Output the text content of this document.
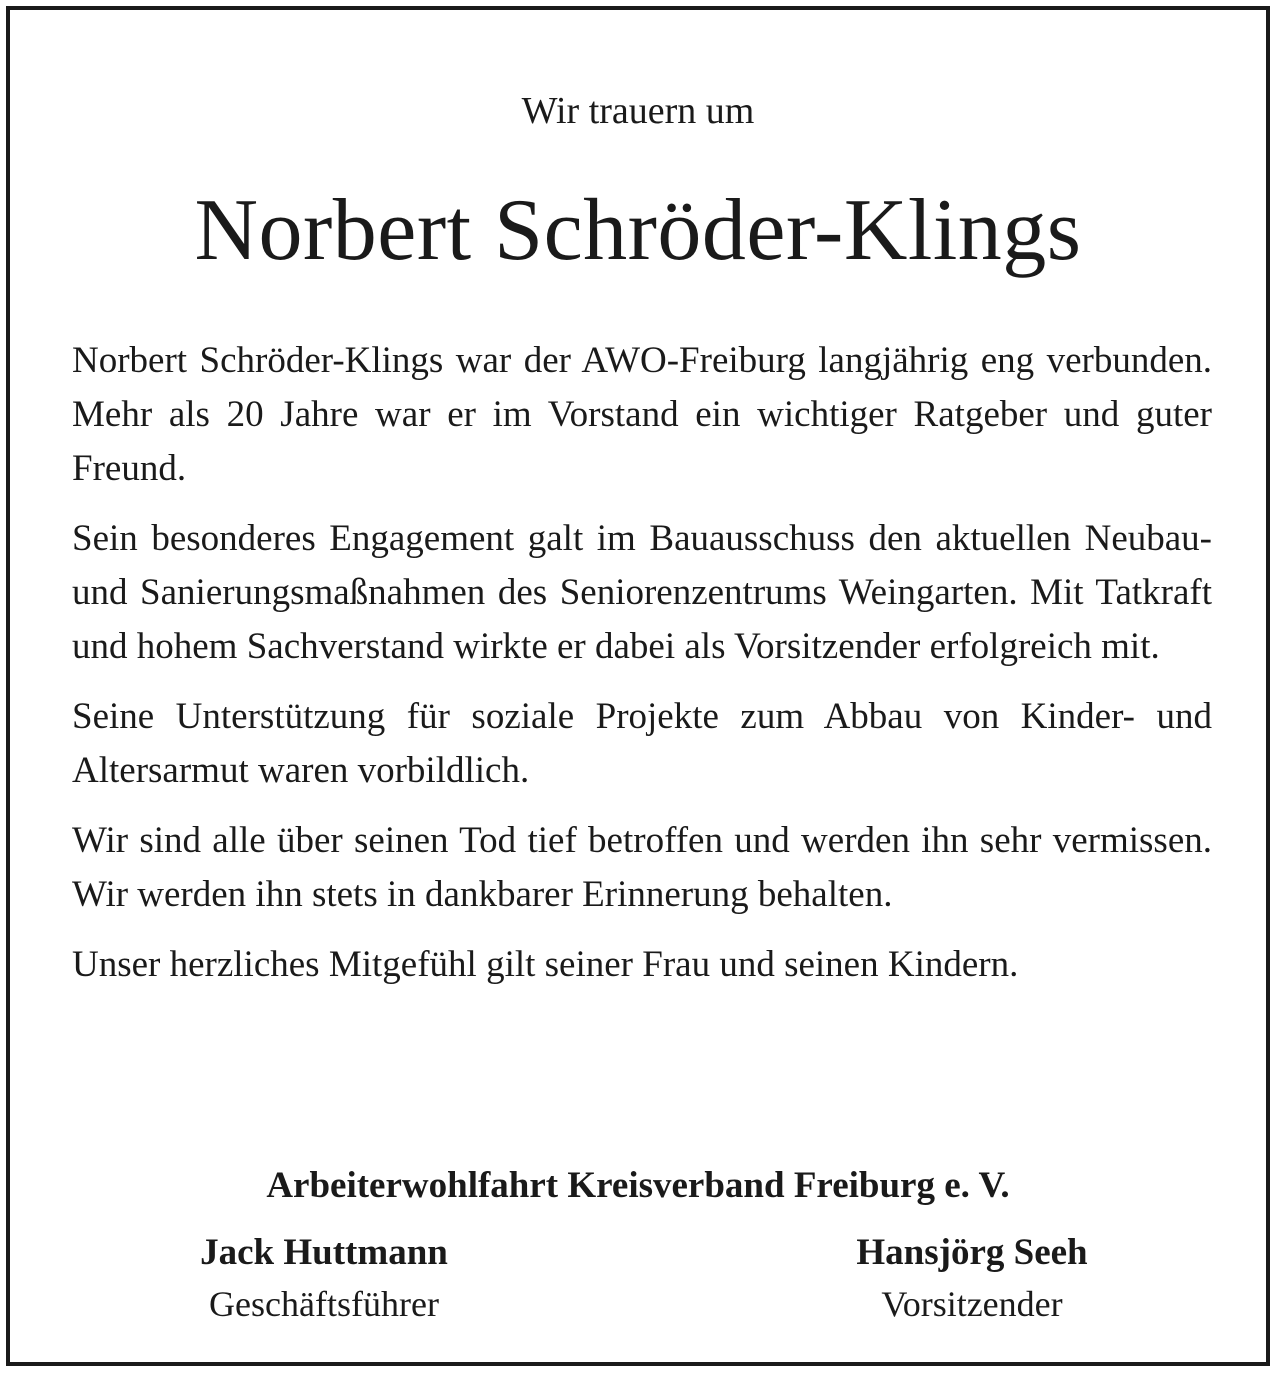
Wir trauern um
Norbert Schröder-Klings

Norbert Schröder-Klings war der AWO-Freiburg langjährig eng verbunden. Mehr als 20 Jahre war er im Vorstand ein wichtiger Ratgeber und guter Freund.

Sein besonderes Engagement galt im Bauausschuss den aktuellen Neubau- und Sanierungsmaßnahmen des Seniorenzentrums Weingarten. Mit Tatkraft und hohem Sachverstand wirkte er dabei als Vorsitzender erfolgreich mit.

Seine Unterstützung für soziale Projekte zum Abbau von Kinder- und Altersarmut waren vorbildlich.

Wir sind alle über seinen Tod tief betroffen und werden ihn sehr vermissen. Wir werden ihn stets in dankbarer Erinnerung behalten.

Unser herzliches Mitgefühl gilt seiner Frau und seinen Kindern.

Arbeiterwohlfahrt Kreisverband Freiburg e. V.
Jack Huttmann
Geschäftsführer
Hansjörg Seeh
Vorsitzender
